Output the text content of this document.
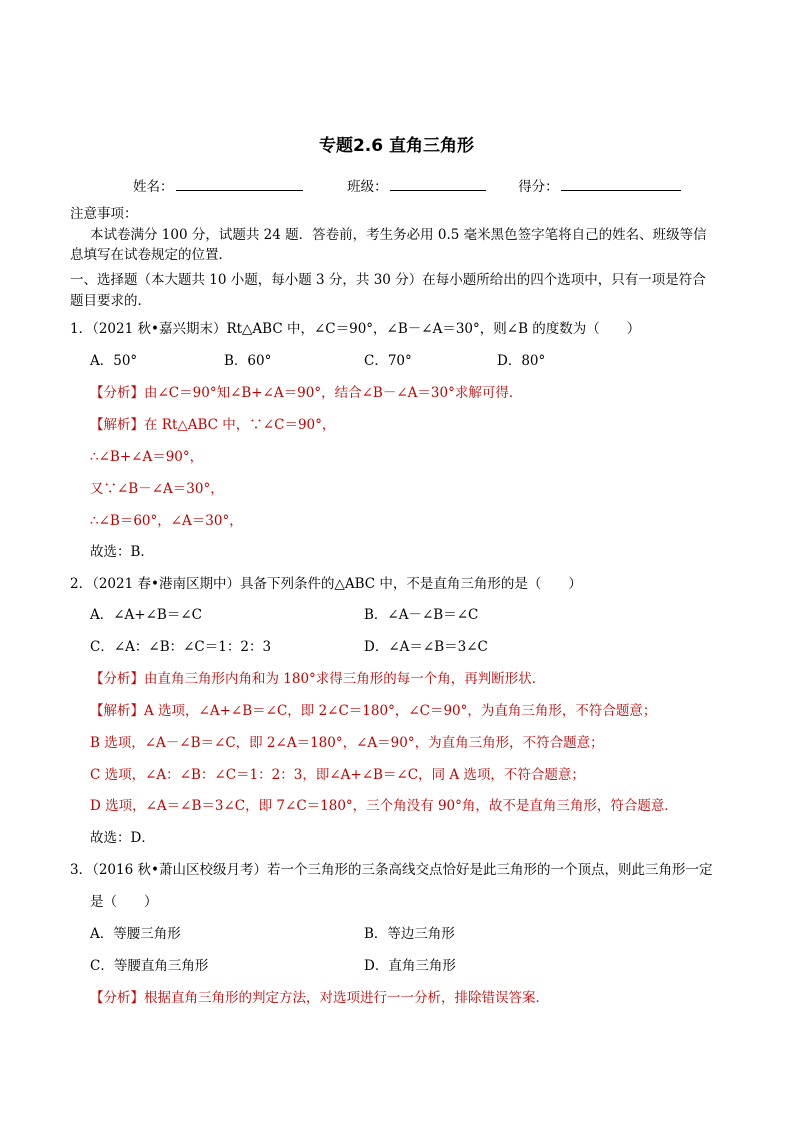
专题2.6 直角三角形
姓名：	班级：	得分：
注意事项：
本试卷满分 100 分，试题共 24 题．答卷前，考生务必用 0.5 毫米黑色签字笔将自己的姓名、班级等信
息填写在试卷规定的位置．
一、选择题（本大题共 10 小题，每小题 3 分，共 30 分）在每小题所给出的四个选项中，只有一项是符合
题目要求的．
1．（2021 秋•嘉兴期末）Rt△ABC 中，∠C＝90°，∠B－∠A＝30°，则∠B 的度数为（　　）
A．50°	B．60°	C．70°	D．80°
【分析】由∠C＝90°知∠B+∠A＝90°，结合∠B－∠A＝30°求解可得．
【解析】在 Rt△ABC 中，∵∠C＝90°，
∴∠B+∠A＝90°，
又∵∠B－∠A＝30°，
∴∠B＝60°，∠A＝30°，
故选：B．
2．（2021 春•港南区期中）具备下列条件的△ABC 中，不是直角三角形的是（　　）
A．∠A+∠B＝∠C	B．∠A－∠B＝∠C
C．∠A：∠B：∠C＝1：2：3	D．∠A＝∠B＝3∠C
【分析】由直角三角形内角和为 180°求得三角形的每一个角，再判断形状．
【解析】A 选项，∠A+∠B＝∠C，即 2∠C＝180°，∠C＝90°，为直角三角形，不符合题意；
B 选项，∠A－∠B＝∠C，即 2∠A＝180°，∠A＝90°，为直角三角形，不符合题意；
C 选项，∠A：∠B：∠C＝1：2：3，即∠A+∠B＝∠C，同 A 选项，不符合题意；
D 选项，∠A＝∠B＝3∠C，即 7∠C＝180°，三个角没有 90°角，故不是直角三角形，符合题意．
故选：D．
3．（2016 秋•萧山区校级月考）若一个三角形的三条高线交点恰好是此三角形的一个顶点，则此三角形一定
是（　　）
A．等腰三角形	B．等边三角形
C．等腰直角三角形	D．直角三角形
【分析】根据直角三角形的判定方法，对选项进行一一分析，排除错误答案．
